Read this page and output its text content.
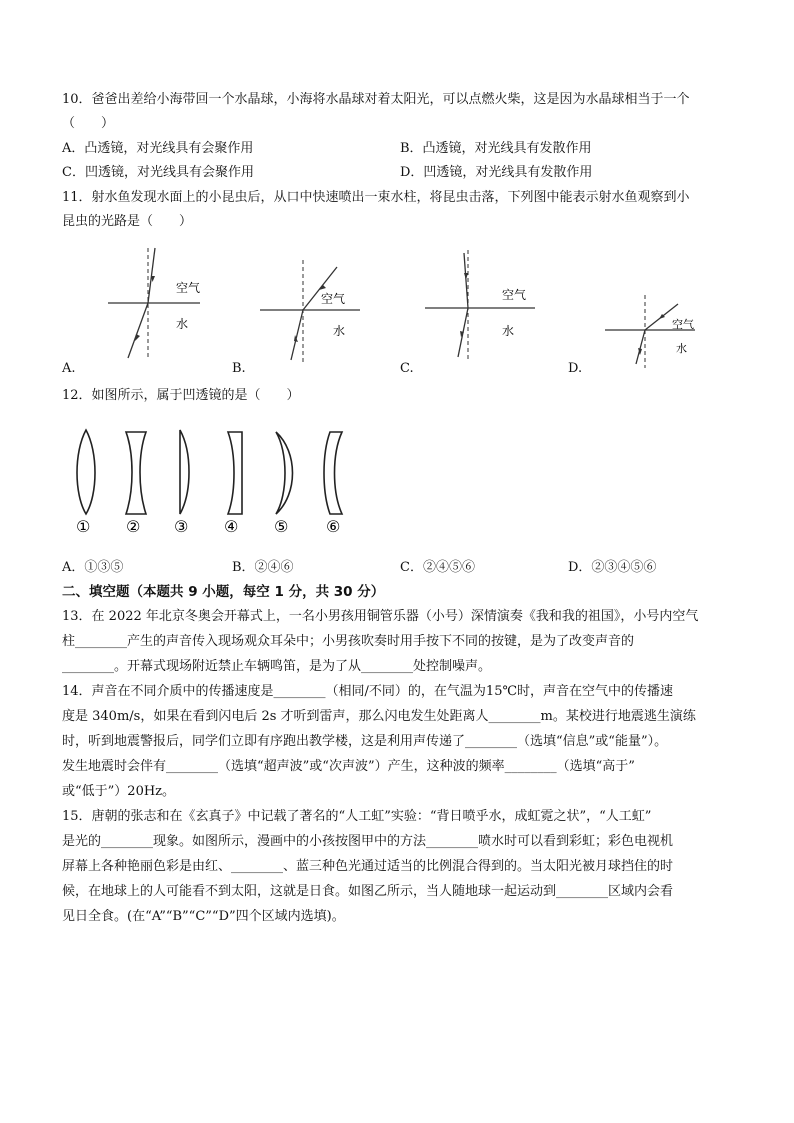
10．爸爸出差给小海带回一个水晶球，小海将水晶球对着太阳光，可以点燃火柴，这是因为水晶球相当于一个
（　　）
A．凸透镜，对光线具有会聚作用	B．凸透镜，对光线具有发散作用
C．凹透镜，对光线具有会聚作用	D．凹透镜，对光线具有发散作用
11．射水鱼发现水面上的小昆虫后，从口中快速喷出一束水柱，将昆虫击落，下列图中能表示射水鱼观察到小
昆虫的光路是（　　）
空气
水
A.
空气
水
B.
空气
水
C.
空气
水
D.
12．如图所示，属于凹透镜的是（　　）
① ② ③ ④ ⑤ ⑥
A．①③⑤	B．②④⑥	C．②④⑤⑥	D．②③④⑤⑥
二、填空题（本题共 9 小题，每空 1 分，共 30 分）
13．在 2022 年北京冬奥会开幕式上，一名小男孩用铜管乐器（小号）深情演奏《我和我的祖国》，小号内空气
柱________产生的声音传入现场观众耳朵中；小男孩吹奏时用手按下不同的按键，是为了改变声音的
________。开幕式现场附近禁止车辆鸣笛，是为了从________处控制噪声。
14．声音在不同介质中的传播速度是________（相同/不同）的，在气温为15℃时，声音在空气中的传播速
度是 340m/s，如果在看到闪电后 2s 才听到雷声，那么闪电发生处距离人________m。某校进行地震逃生演练
时，听到地震警报后，同学们立即有序跑出教学楼，这是利用声传递了________（选填“信息”或“能量”）。
发生地震时会伴有________（选填“超声波”或“次声波”）产生，这种波的频率________（选填“高于”
或“低于”）20Hz。
15．唐朝的张志和在《玄真子》中记载了著名的“人工虹”实验：“背日喷乎水，成虹霓之状”，“人工虹”
是光的________现象。如图所示，漫画中的小孩按图甲中的方法________喷水时可以看到彩虹；彩色电视机
屏幕上各种艳丽色彩是由红、________、蓝三种色光通过适当的比例混合得到的。当太阳光被月球挡住的时
候，在地球上的人可能看不到太阳，这就是日食。如图乙所示，当人随地球一起运动到________区域内会看
见日全食。(在“A”“B”“C”“D”四个区域内选填)。
